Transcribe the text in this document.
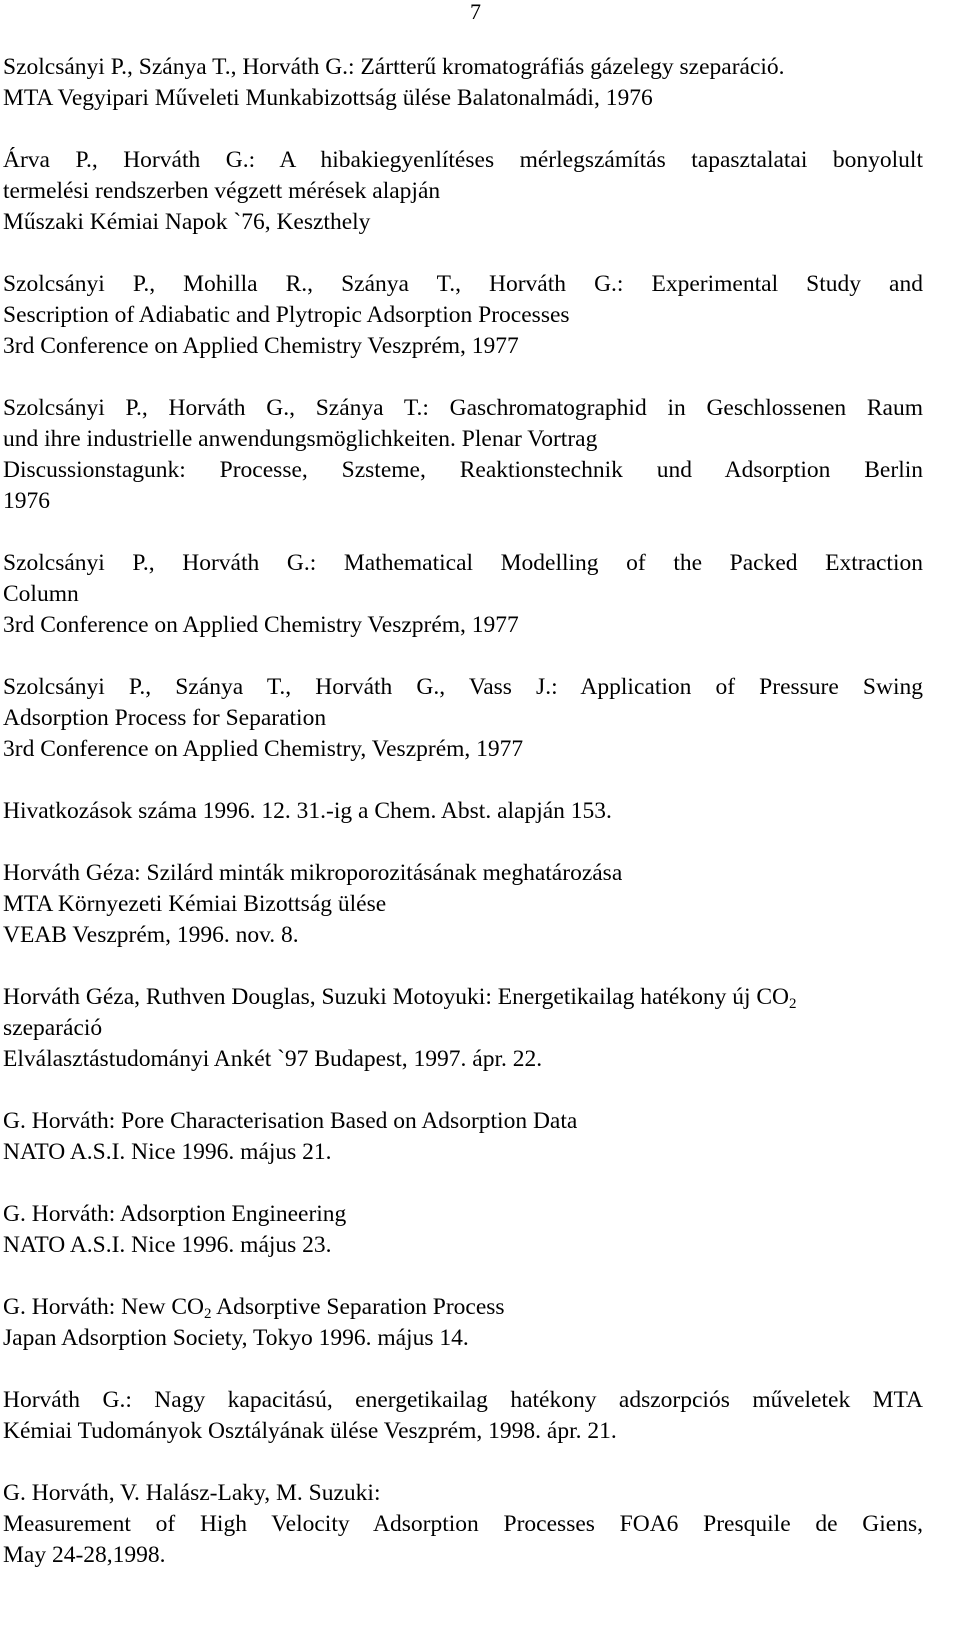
7
Szolcsányi P., Szánya T., Horváth G.: Zártterű kromatográfiás gázelegy szeparáció.
MTA Vegyipari Műveleti Munkabizottság ülése Balatonalmádi, 1976
Árva P., Horváth G.: A hibakiegyenlítéses mérlegszámítás tapasztalatai bonyolult
termelési rendszerben végzett mérések alapján
Műszaki Kémiai Napok `76, Keszthely
Szolcsányi P., Mohilla R., Szánya T., Horváth G.: Experimental Study and
Sescription of Adiabatic and Plytropic Adsorption Processes
3rd Conference on Applied Chemistry Veszprém, 1977
Szolcsányi P., Horváth G., Szánya T.: Gaschromatographid in Geschlossenen Raum
und ihre industrielle anwendungsmöglichkeiten. Plenar Vortrag
Discussionstagunk: Processe, Szsteme, Reaktionstechnik und Adsorption Berlin
1976
Szolcsányi P., Horváth G.: Mathematical Modelling of the Packed Extraction
Column
3rd Conference on Applied Chemistry Veszprém, 1977
Szolcsányi P., Szánya T., Horváth G., Vass J.: Application of Pressure Swing
Adsorption Process for Separation
3rd Conference on Applied Chemistry, Veszprém, 1977
Hivatkozások száma 1996. 12. 31.-ig a Chem. Abst. alapján 153.
Horváth Géza: Szilárd minták mikroporozitásának meghatározása
MTA Környezeti Kémiai Bizottság ülése
VEAB Veszprém, 1996. nov. 8.
Horváth Géza, Ruthven Douglas, Suzuki Motoyuki: Energetikailag hatékony új $CO_2$
szeparáció
Elválasztástudományi Ankét `97 Budapest, 1997. ápr. 22.
G. Horváth: Pore Characterisation Based on Adsorption Data
NATO A.S.I. Nice 1996. május 21.
G. Horváth: Adsorption Engineering
NATO A.S.I. Nice 1996. május 23.
G. Horváth: New $CO_2$ Adsorptive Separation Process
Japan Adsorption Society, Tokyo 1996. május 14.
Horváth G.: Nagy kapacitású, energetikailag hatékony adszorpciós műveletek MTA
Kémiai Tudományok Osztályának ülése Veszprém, 1998. ápr. 21.
G. Horváth, V. Halász-Laky, M. Suzuki:
Measurement of High Velocity Adsorption Processes FOA6 Presquile de Giens,
May 24-28,1998.
